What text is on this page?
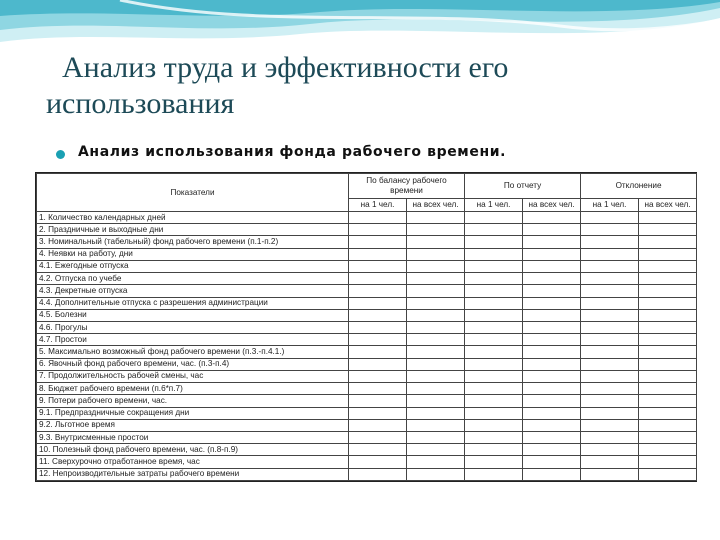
Анализ труда и эффективности его
использования
Анализ использования фонда рабочего времени.
Показатели	По балансу рабочего времени		По отчету		Отклонение	
	на 1 чел.	на всех чел.	на 1 чел.	на всех чел.	на 1 чел.	на всех чел.
1. Количество календарных дней						
2. Праздничные и выходные дни						
3. Номинальный (табельный) фонд рабочего времени (п.1-п.2)						
4. Неявки на работу, дни						
4.1. Ежегодные отпуска						
4.2. Отпуска по учебе						
4.3. Декретные отпуска						
4.4. Дополнительные отпуска с разрешения администрации						
4.5. Болезни						
4.6. Прогулы						
4.7. Простои						
5. Максимально возможный фонд рабочего времени (п.3.-п.4.1.)						
6. Явочный фонд рабочего времени, час. (п.3-п.4)						
7. Продолжительность рабочей смены, час						
8. Бюджет рабочего времени (п.6*п.7)						
9. Потери рабочего времени, час.						
9.1. Предпраздничные сокращения дни						
9.2. Льготное время						
9.3. Внутрисменные простои						
10. Полезный фонд рабочего времени, час. (п.8-п.9)						
11. Сверхурочно отработанное время, час						
12. Непроизводительные затраты рабочего времени						
